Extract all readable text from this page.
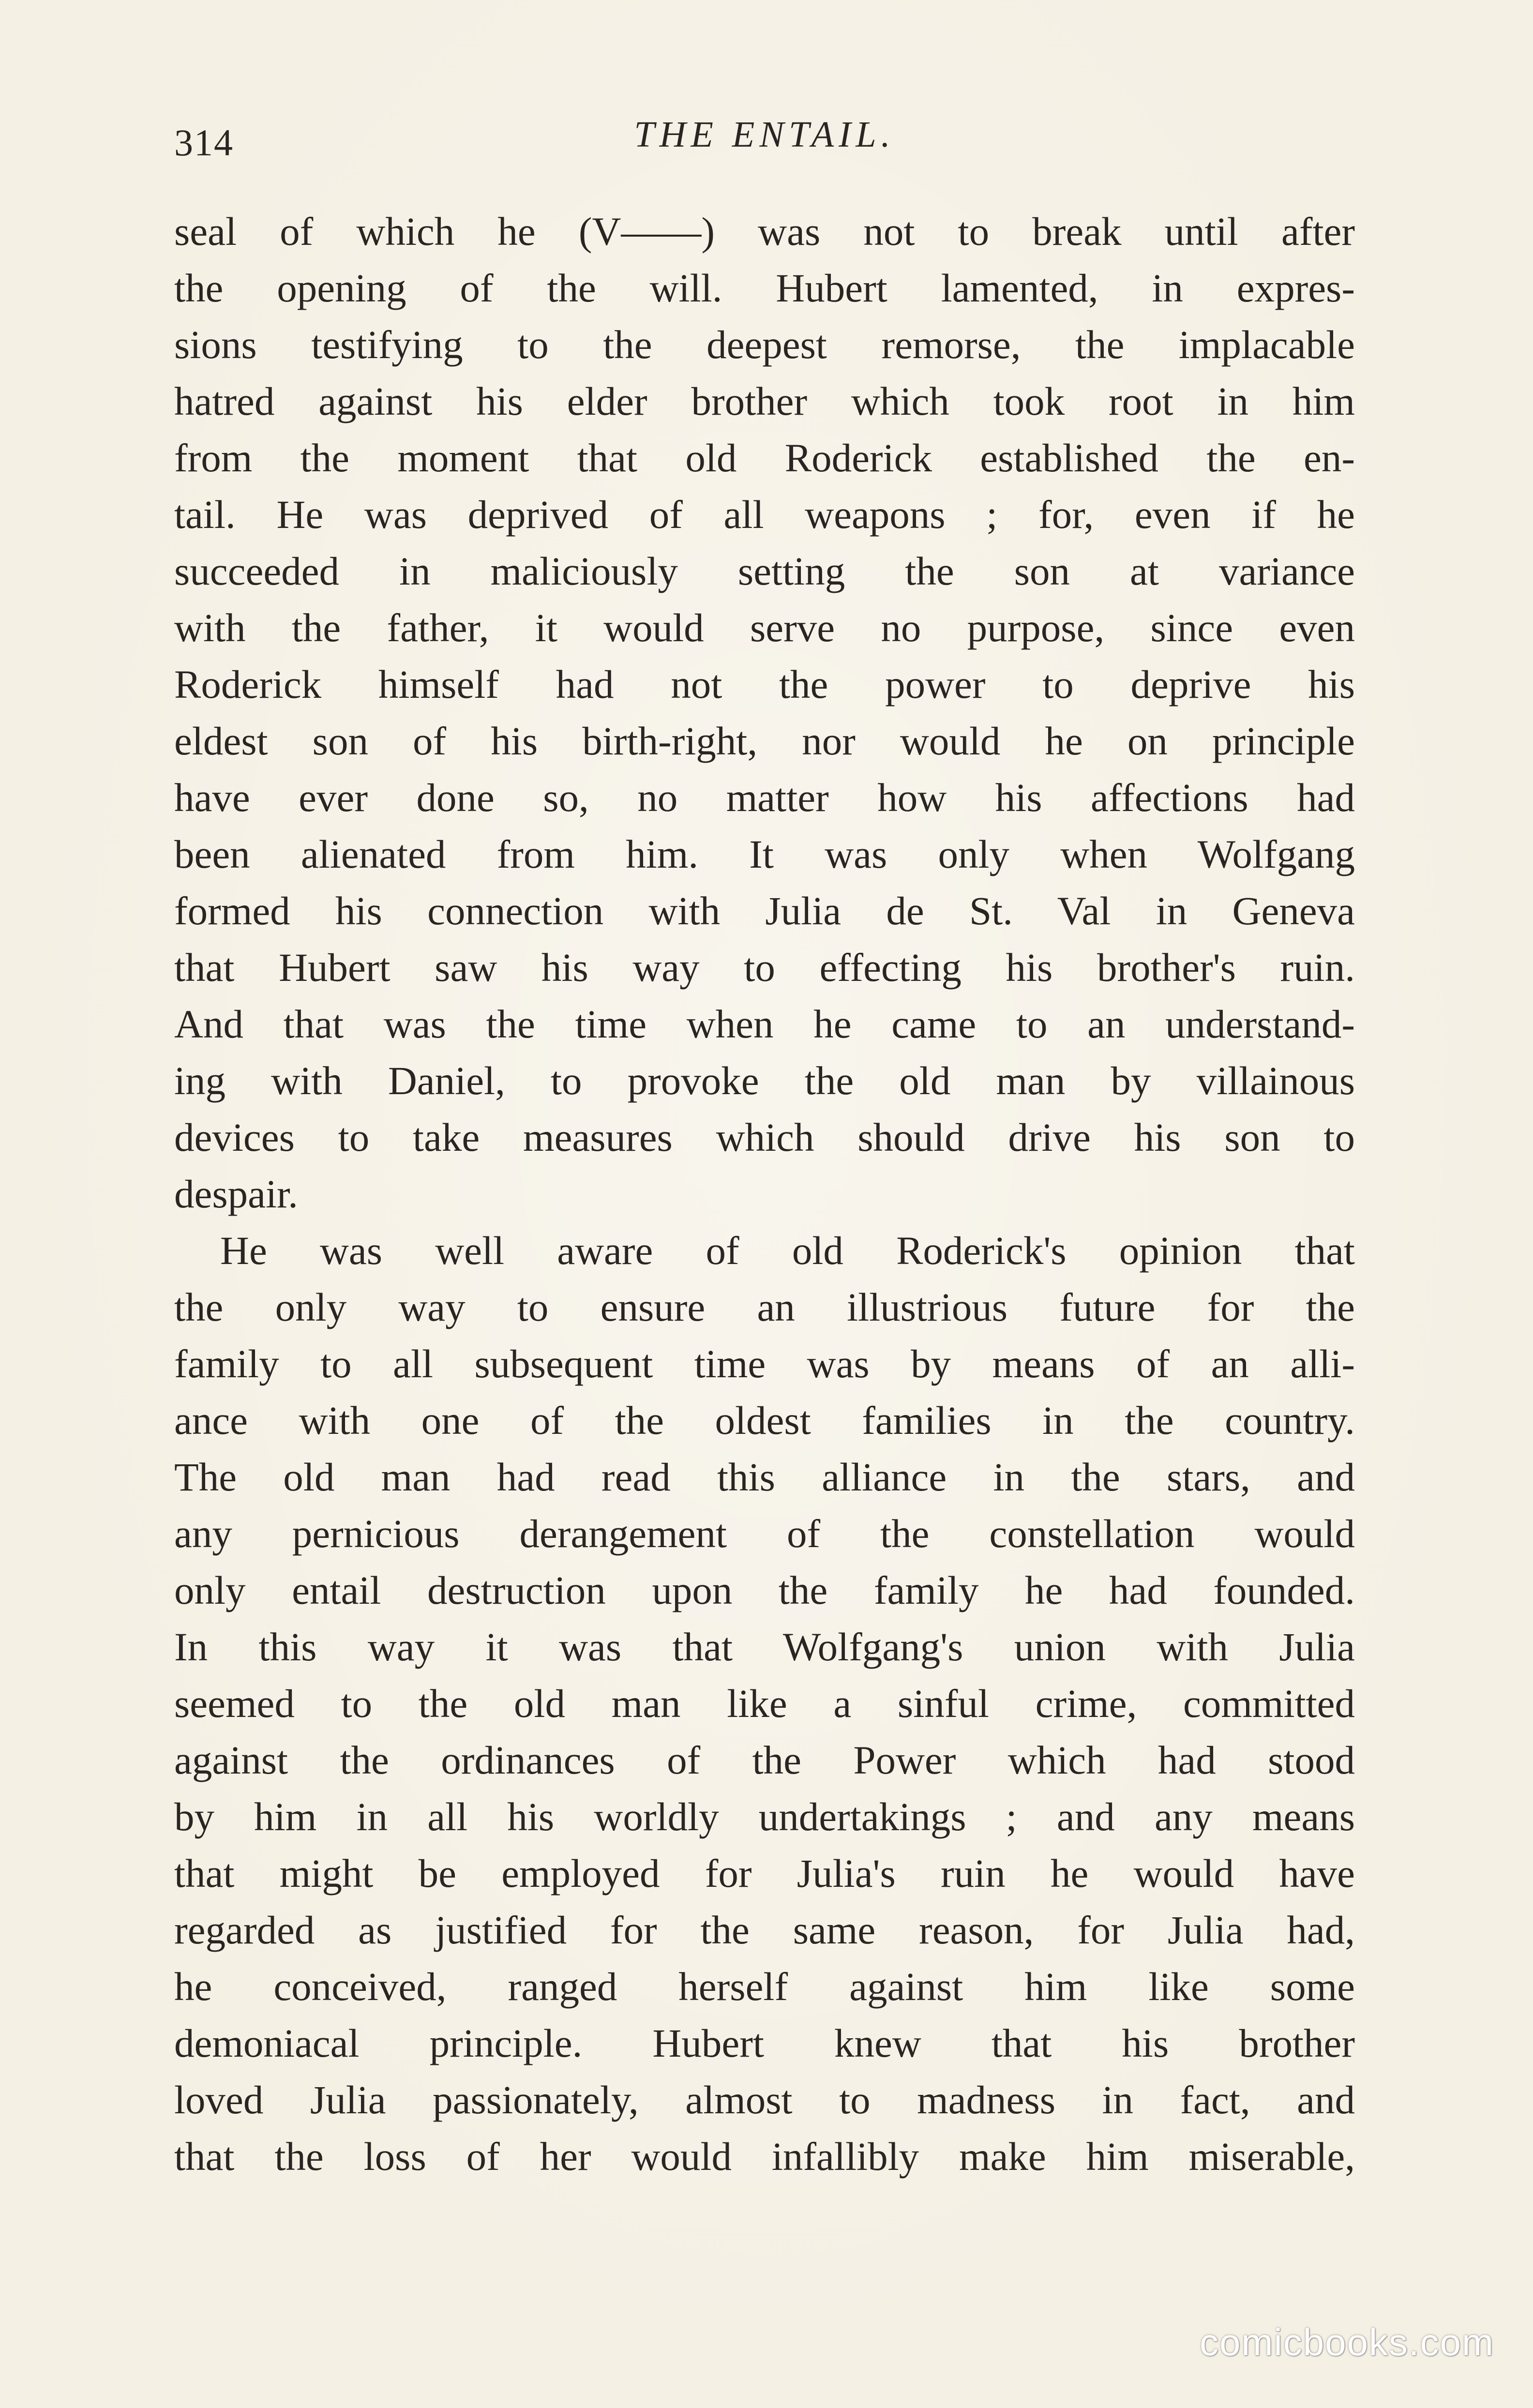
314	THE ENTAIL.
seal of which he (V——) was not to break until after
the opening of the will. Hubert lamented, in expres-
sions testifying to the deepest remorse, the implacable
hatred against his elder brother which took root in him
from the moment that old Roderick established the en-
tail. He was deprived of all weapons ; for, even if he
succeeded in maliciously setting the son at variance
with the father, it would serve no purpose, since even
Roderick himself had not the power to deprive his
eldest son of his birth-right, nor would he on principle
have ever done so, no matter how his affections had
been alienated from him. It was only when Wolfgang
formed his connection with Julia de St. Val in Geneva
that Hubert saw his way to effecting his brother's ruin.
And that was the time when he came to an understand-
ing with Daniel, to provoke the old man by villainous
devices to take measures which should drive his son to
despair.
He was well aware of old Roderick's opinion that
the only way to ensure an illustrious future for the
family to all subsequent time was by means of an alli-
ance with one of the oldest families in the country.
The old man had read this alliance in the stars, and
any pernicious derangement of the constellation would
only entail destruction upon the family he had founded.
In this way it was that Wolfgang's union with Julia
seemed to the old man like a sinful crime, committed
against the ordinances of the Power which had stood
by him in all his worldly undertakings ; and any means
that might be employed for Julia's ruin he would have
regarded as justified for the same reason, for Julia had,
he conceived, ranged herself against him like some
demoniacal principle. Hubert knew that his brother
loved Julia passionately, almost to madness in fact, and
that the loss of her would infallibly make him miserable,
comicbooks.com
